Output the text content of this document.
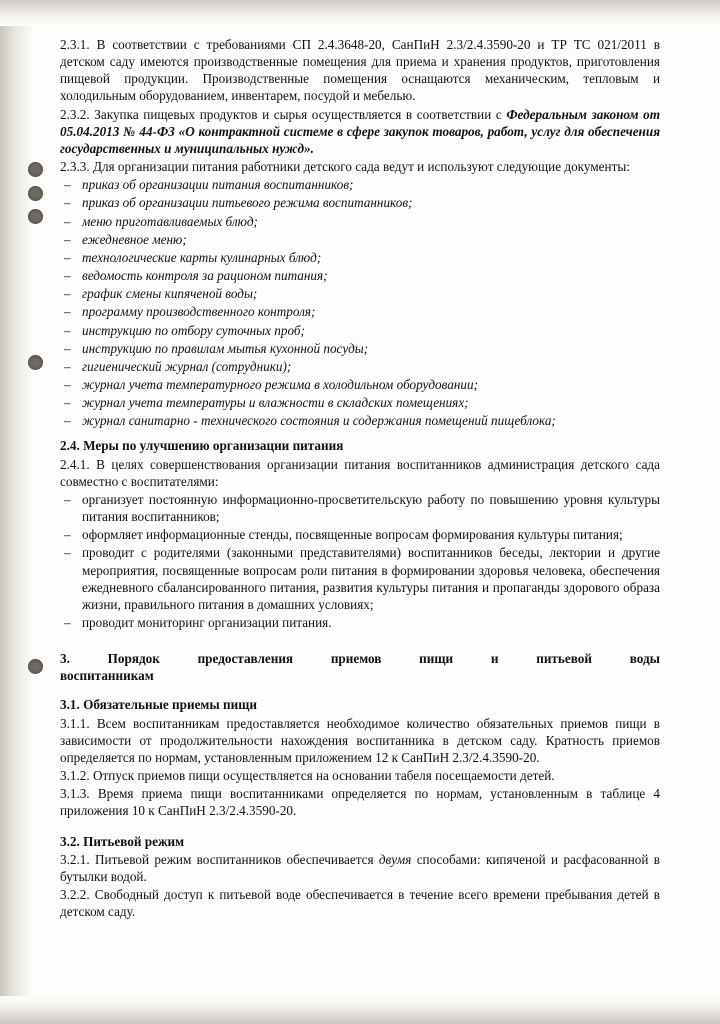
2.3.1. В соответствии с требованиями СП 2.4.3648-20, СанПиН 2.3/2.4.3590-20 и ТР ТС 021/2011 в детском саду имеются производственные помещения для приема и хранения продуктов, приготовления пищевой продукции. Производственные помещения оснащаются механическим, тепловым и холодильным оборудованием, инвентарем, посудой и мебелью.

2.3.2. Закупка пищевых продуктов и сырья осуществляется в соответствии с Федеральным законом от 05.04.2013 № 44-ФЗ «О контрактной системе в сфере закупок товаров, работ, услуг для обеспечения государственных и муниципальных нужд».

2.3.3. Для организации питания работники детского сада ведут и используют следующие документы:

– приказ об организации питания воспитанников;
– приказ об организации питьевого режима воспитанников;
– меню приготавливаемых блюд;
– ежедневное меню;
– технологические карты кулинарных блюд;
– ведомость контроля за рационом питания;
– график смены кипяченой воды;
– программу производственного контроля;
– инструкцию по отбору суточных проб;
– инструкцию по правилам мытья кухонной посуды;
– гигиенический журнал (сотрудники);
– журнал учета температурного режима в холодильном оборудовании;
– журнал учета температуры и влажности в складских помещениях;
– журнал санитарно - технического состояния и содержания помещений пищеблока;

2.4. Меры по улучшению организации питания

2.4.1. В целях совершенствования организации питания воспитанников администрация детского сада совместно с воспитателями:

– организует постоянную информационно-просветительскую работу по повышению уровня культуры питания воспитанников;
– оформляет информационные стенды, посвященные вопросам формирования культуры питания;
– проводит с родителями (законными представителями) воспитанников беседы, лектории и другие мероприятия, посвященные вопросам роли питания в формировании здоровья человека, обеспечения ежедневного сбалансированного питания, развития культуры питания и пропаганды здорового образа жизни, правильного питания в домашних условиях;
– проводит мониторинг организации питания.
3.	Порядок	предоставления	приемов	пищи	и	питьевой	воды
воспитанникам

3.1. Обязательные приемы пищи

3.1.1. Всем воспитанникам предоставляется необходимое количество обязательных приемов пищи в зависимости от продолжительности нахождения воспитанника в детском саду. Кратность приемов определяется по нормам, установленным приложением 12 к СанПиН 2.3/2.4.3590-20.

3.1.2. Отпуск приемов пищи осуществляется на основании табеля посещаемости детей.

3.1.3. Время приема пищи воспитанниками определяется по нормам, установленным в таблице 4 приложения 10 к СанПиН 2.3/2.4.3590-20.

3.2. Питьевой режим

3.2.1. Питьевой режим воспитанников обеспечивается двумя способами: кипяченой и расфасованной в бутылки водой.

3.2.2. Свободный доступ к питьевой воде обеспечивается в течение всего времени пребывания детей в детском саду.
